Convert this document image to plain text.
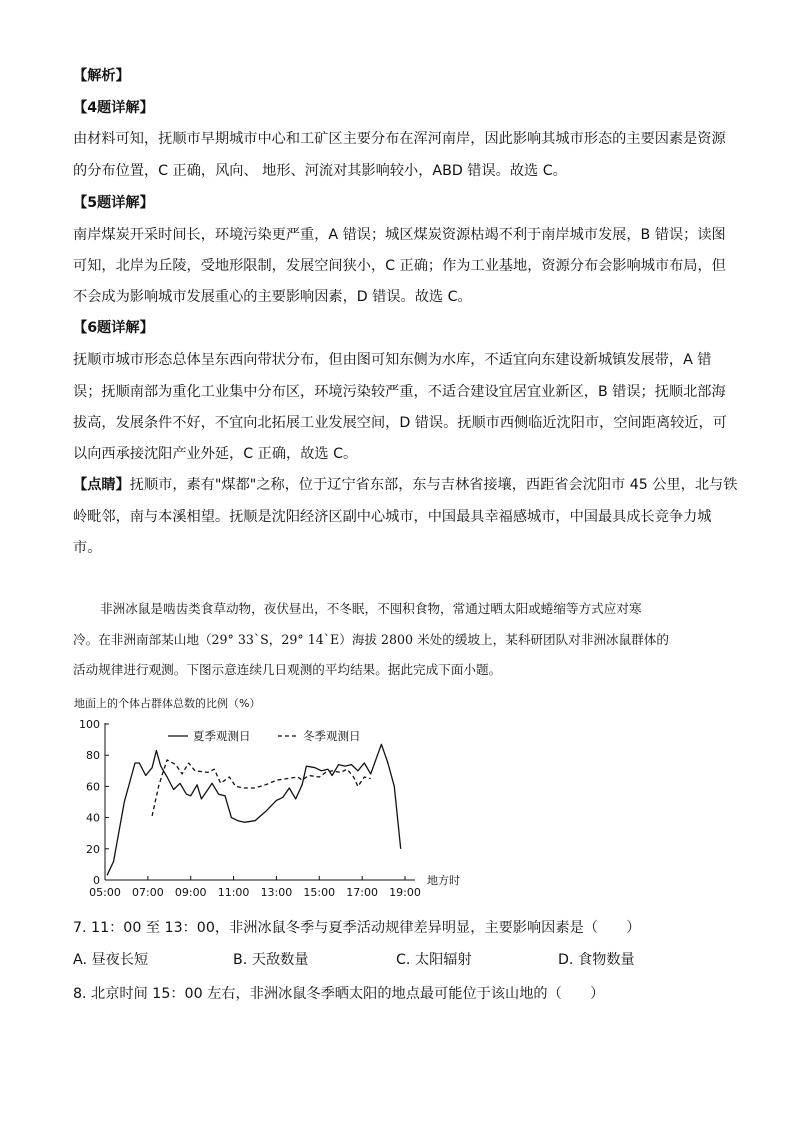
【解析】
【4题详解】
由材料可知，抚顺市早期城市中心和工矿区主要分布在浑河南岸，因此影响其城市形态的主要因素是资源
的分布位置，C 正确，风向、 地形、河流对其影响较小，ABD 错误。故选 C。
【5题详解】
南岸煤炭开采时间长，环境污染更严重，A 错误；城区煤炭资源枯竭不利于南岸城市发展，B 错误；读图
可知，北岸为丘陵，受地形限制，发展空间狭小，C 正确；作为工业基地，资源分布会影响城市布局，但
不会成为影响城市发展重心的主要影响因素，D 错误。故选 C。
【6题详解】
抚顺市城市形态总体呈东西向带状分布，但由图可知东侧为水库，不适宜向东建设新城镇发展带，A 错
误；抚顺南部为重化工业集中分布区，环境污染较严重，不适合建设宜居宜业新区，B 错误；抚顺北部海
拔高，发展条件不好，不宜向北拓展工业发展空间，D 错误。抚顺市西侧临近沈阳市，空间距离较近，可
以向西承接沈阳产业外延，C 正确，故选 C。
【点睛】抚顺市，素有"煤都"之称，位于辽宁省东部，东与吉林省接壤，西距省会沈阳市 45 公里，北与铁
岭毗邻，南与本溪相望。抚顺是沈阳经济区副中心城市，中国最具幸福感城市，中国最具成长竞争力城
市。
非洲冰鼠是啮齿类食草动物，夜伏昼出，不冬眠，不囤积食物，常通过晒太阳或蜷缩等方式应对寒
冷。在非洲南部某山地（29° 33`S，29° 14`E）海拔 2800 米处的缓坡上，某科研团队对非洲冰鼠群体的
活动规律进行观测。下图示意连续几日观测的平均结果。据此完成下面小题。
地面上的个体占群体总数的比例（%）
0
20
40
60
80
100
05:00 07:00 09:00 11:00 13:00 15:00 17:00 19:00
地方时
夏季观测日	冬季观测日
7. 11：00 至 13：00，非洲冰鼠冬季与夏季活动规律差异明显，主要影响因素是（　　）
A. 昼夜长短	B. 天敌数量	C. 太阳辐射	D. 食物数量
8. 北京时间 15：00 左右，非洲冰鼠冬季晒太阳的地点最可能位于该山地的（　　）
